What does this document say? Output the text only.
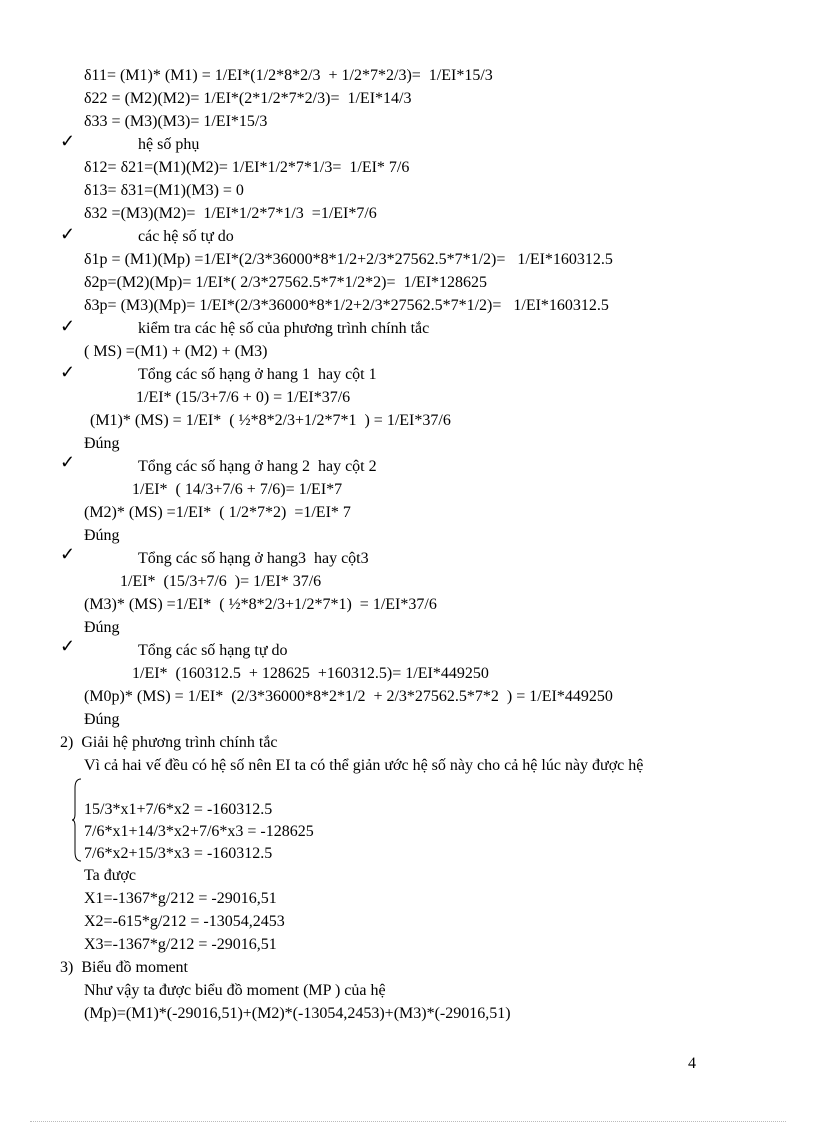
✓
✓
✓
✓
✓
✓
✓
δ11= (M1)* (M1) = 1/EI*(1/2*8*2/3  + 1/2*7*2/3)=  1/EI*15/3
δ22 = (M2)(M2)= 1/EI*(2*1/2*7*2/3)=  1/EI*14/3
δ33 = (M3)(M3)= 1/EI*15/3
hệ số phụ
δ12= δ21=(M1)(M2)= 1/EI*1/2*7*1/3=  1/EI* 7/6
δ13= δ31=(M1)(M3) = 0
δ32 =(M3)(M2)=  1/EI*1/2*7*1/3  =1/EI*7/6
các hệ số tự do
δ1p = (M1)(Mp) =1/EI*(2/3*36000*8*1/2+2/3*27562.5*7*1/2)=   1/EI*160312.5
δ2p=(M2)(Mp)= 1/EI*( 2/3*27562.5*7*1/2*2)=  1/EI*128625
δ3p= (M3)(Mp)= 1/EI*(2/3*36000*8*1/2+2/3*27562.5*7*1/2)=   1/EI*160312.5
kiểm tra các hệ số của phương trình chính tắc
( MS) =(M1) + (M2) + (M3)
Tổng các số hạng ở hang 1  hay cột 1
1/EI* (15/3+7/6 + 0) = 1/EI*37/6
(M1)* (MS) = 1/EI*  ( ½*8*2/3+1/2*7*1  ) = 1/EI*37/6
Đúng
Tổng các số hạng ở hang 2  hay cột 2
1/EI*  ( 14/3+7/6 + 7/6)= 1/EI*7
(M2)* (MS) =1/EI*  ( 1/2*7*2)  =1/EI* 7
Đúng
Tổng các số hạng ở hang3  hay cột3
1/EI*  (15/3+7/6  )= 1/EI* 37/6
(M3)* (MS) =1/EI*  ( ½*8*2/3+1/2*7*1)  = 1/EI*37/6
Đúng
Tổng các số hạng tự do
1/EI*  (160312.5  + 128625  +160312.5)= 1/EI*449250
(M0p)* (MS) = 1/EI*  (2/3*36000*8*2*1/2  + 2/3*27562.5*7*2  ) = 1/EI*449250
Đúng
2)  Giải hệ phương trình chính tắc
Vì cả hai vế đều có hệ số nên EI ta có thể giản ước hệ số này cho cả hệ lúc này được hệ
15/3*x1+7/6*x2 = -160312.5
7/6*x1+14/3*x2+7/6*x3 = -128625
7/6*x2+15/3*x3 = -160312.5
Ta được
X1=-1367*g/212 = -29016,51
X2=-615*g/212 = -13054,2453
X3=-1367*g/212 = -29016,51
3)  Biểu đồ moment
Như vậy ta được biểu đồ moment (MP ) của hệ
(Mp)=(M1)*(-29016,51)+(M2)*(-13054,2453)+(M3)*(-29016,51)
4
